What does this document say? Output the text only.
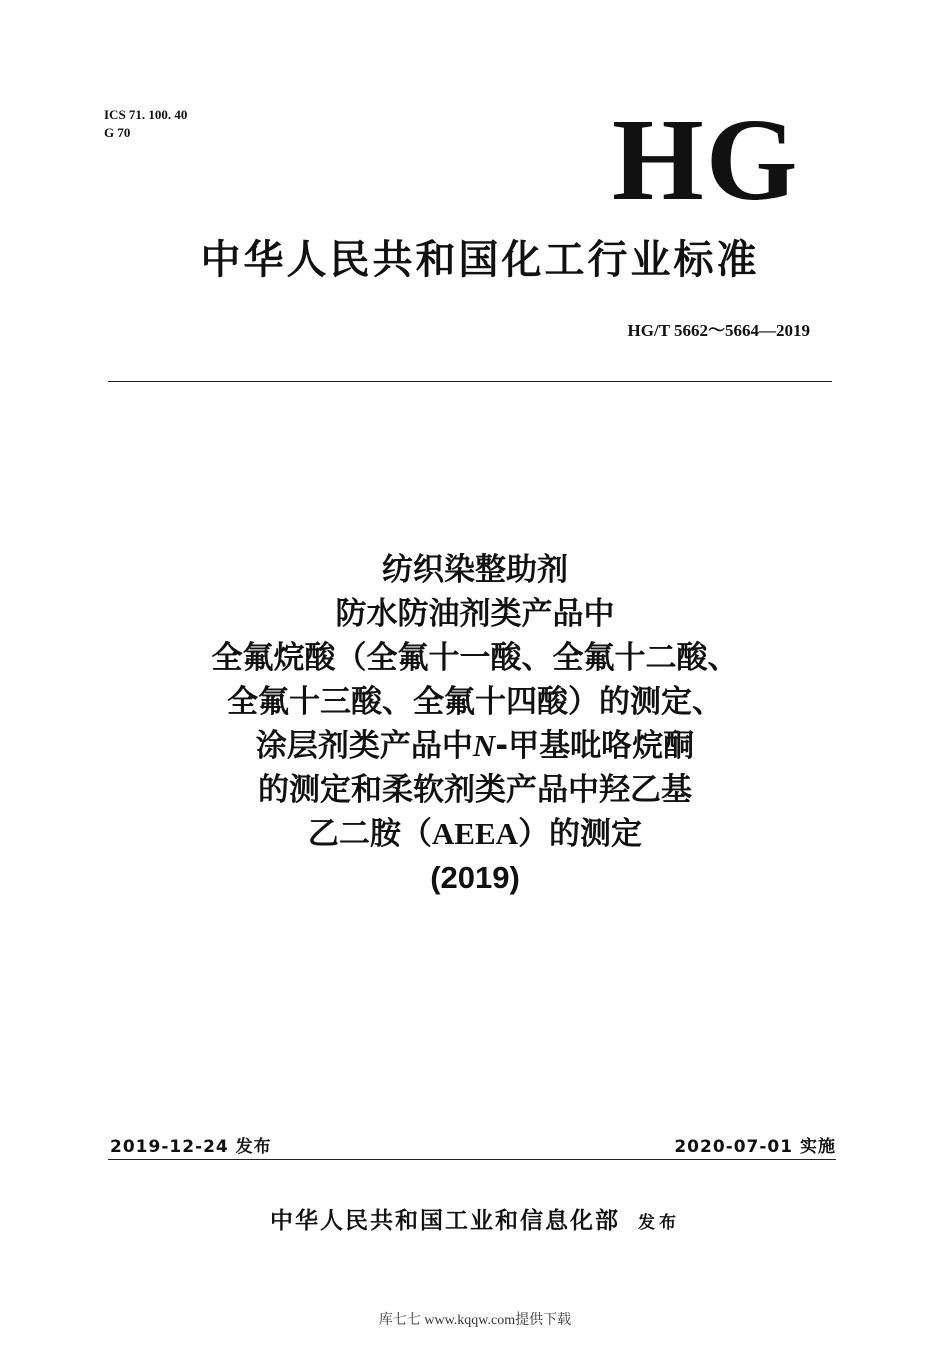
ICS 71. 100. 40
G 70	HG
中华人民共和国化工行业标准
HG/T 5662～5664—2019
纺织染整助剂
防水防油剂类产品中
全氟烷酸（全氟十一酸、全氟十二酸、
全氟十三酸、全氟十四酸）的测定、
涂层剂类产品中N-甲基吡咯烷酮
的测定和柔软剂类产品中羟乙基
乙二胺（AEEA）的测定
(2019)
2019-12-24 发布	2020-07-01 实施
中华人民共和国工业和信息化部 发布
库七七 www.kqqw.com提供下载
